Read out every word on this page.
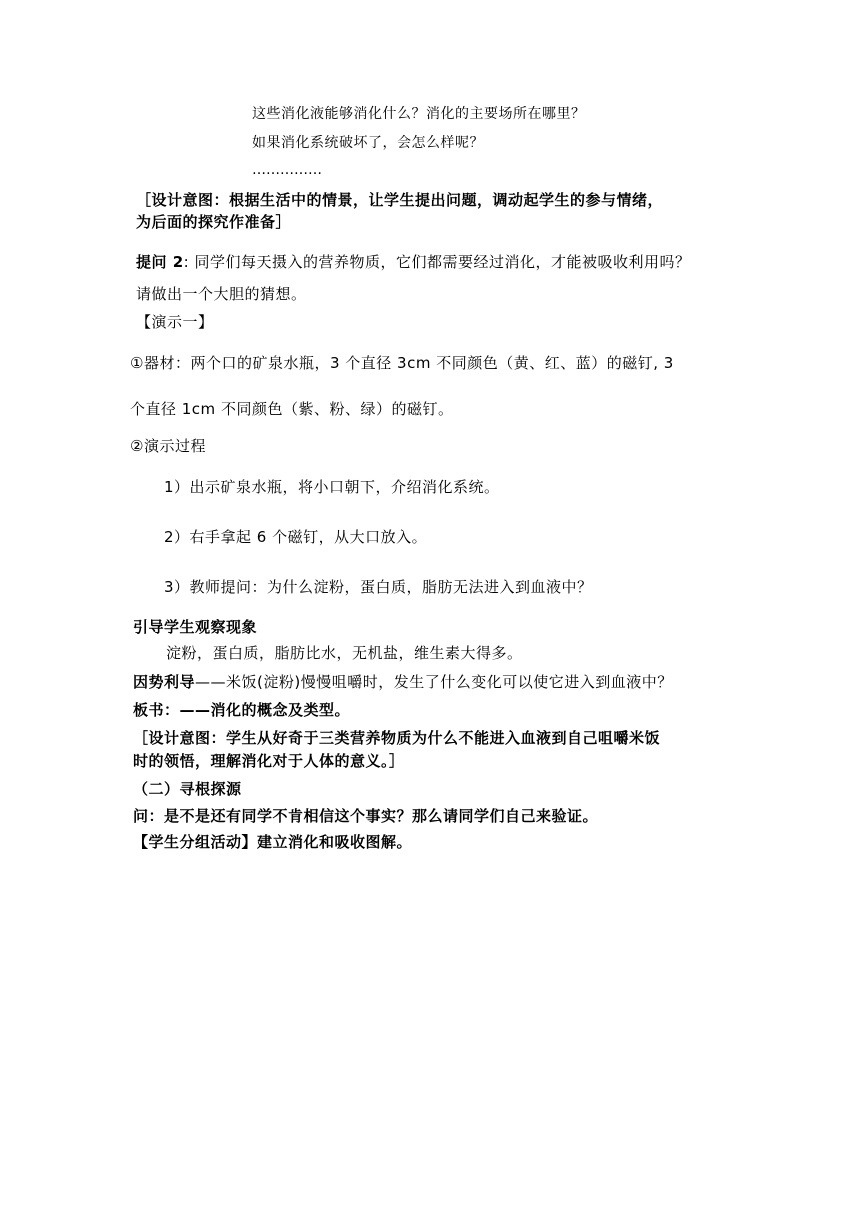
这些消化液能够消化什么？消化的主要场所在哪里？
如果消化系统破坏了，会怎么样呢？
……………
［设计意图：根据生活中的情景，让学生提出问题，调动起学生的参与情绪，
为后面的探究作准备］
提问 2: 同学们每天摄入的营养物质，它们都需要经过消化，才能被吸收利用吗？
请做出一个大胆的猜想。
【演示一】
①器材：两个口的矿泉水瓶，3 个直径 3cm 不同颜色（黄、红、蓝）的磁钉, 3
个直径 1cm 不同颜色（紫、粉、绿）的磁钉。
②演示过程
1）出示矿泉水瓶，将小口朝下，介绍消化系统。
2）右手拿起 6 个磁钉，从大口放入。
3）教师提问：为什么淀粉，蛋白质，脂肪无法进入到血液中？
引导学生观察现象
淀粉，蛋白质，脂肪比水，无机盐，维生素大得多。
因势利导——米饭(淀粉)慢慢咀嚼时，发生了什么变化可以使它进入到血液中？
板书：——消化的概念及类型。
［设计意图：学生从好奇于三类营养物质为什么不能进入血液到自己咀嚼米饭
时的领悟，理解消化对于人体的意义。］
（二）寻根探源
问：是不是还有同学不肯相信这个事实？那么请同学们自己来验证。
【学生分组活动】建立消化和吸收图解。
